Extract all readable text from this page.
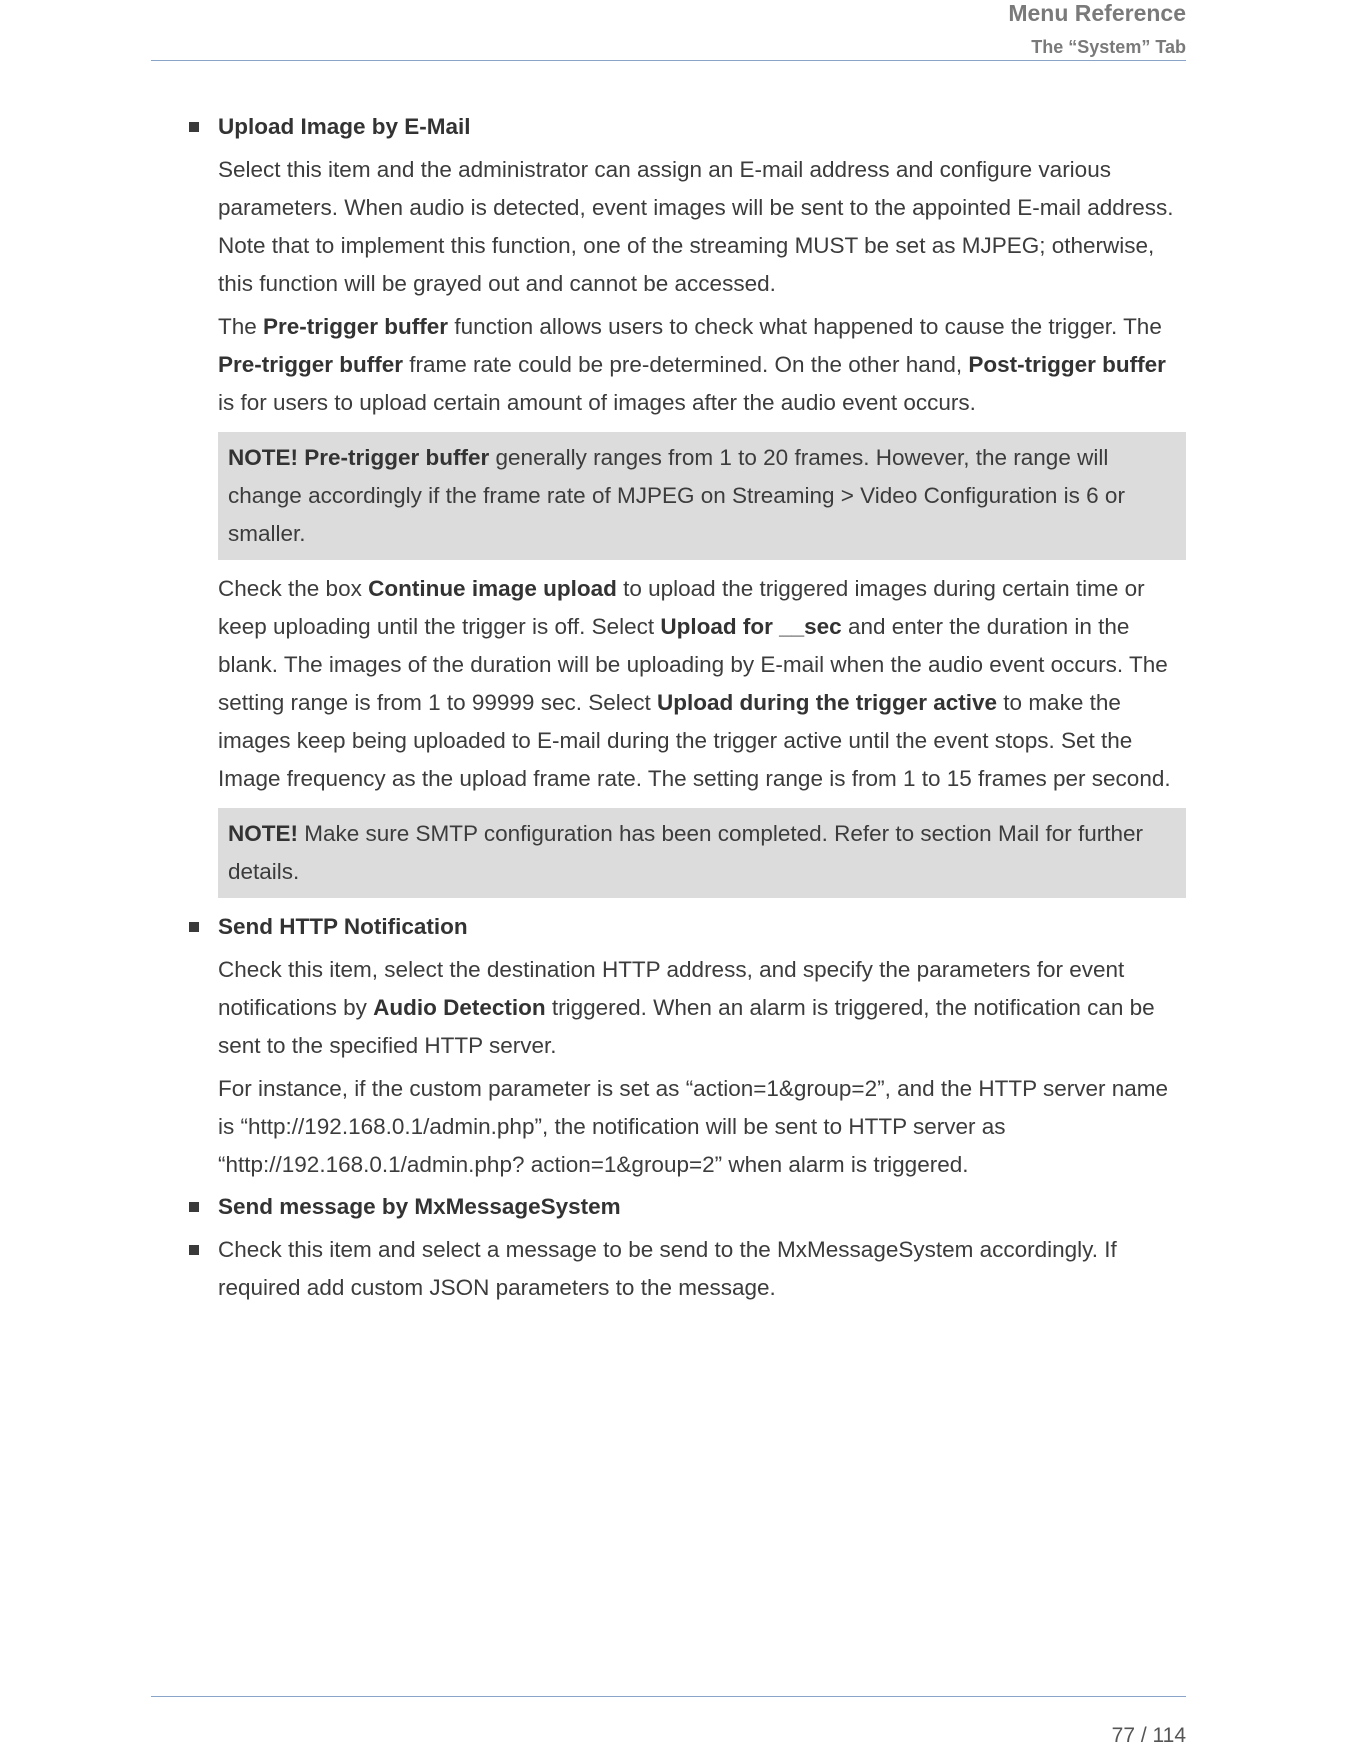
Menu Reference
The “System” Tab
Upload Image by E-Mail
Select this item and the administrator can assign an E-mail address and configure various parameters. When audio is detected, event images will be sent to the appointed E-mail address. Note that to implement this function, one of the streaming MUST be set as MJPEG; otherwise, this function will be grayed out and cannot be accessed.
The Pre-trigger buffer function allows users to check what happened to cause the trigger. The Pre-trigger buffer frame rate could be pre-determined. On the other hand, Post-trigger buffer is for users to upload certain amount of images after the audio event occurs.
NOTE! Pre-trigger buffer generally ranges from 1 to 20 frames. However, the range will change accordingly if the frame rate of MJPEG on Streaming > Video Configuration is 6 or smaller.
Check the box Continue image upload to upload the triggered images during certain time or keep uploading until the trigger is off. Select Upload for __sec and enter the duration in the blank. The images of the duration will be uploading by E-mail when the audio event occurs. The setting range is from 1 to 99999 sec. Select Upload during the trigger active to make the images keep being uploaded to E-mail during the trigger active until the event stops. Set the Image frequency as the upload frame rate. The setting range is from 1 to 15 frames per second.
NOTE! Make sure SMTP configuration has been completed. Refer to section Mail for further details.
Send HTTP Notification
Check this item, select the destination HTTP address, and specify the parameters for event notifications by Audio Detection triggered. When an alarm is triggered, the notification can be sent to the specified HTTP server.
For instance, if the custom parameter is set as “action=1&group=2”, and the HTTP server name is “http://192.168.0.1/admin.php”, the notification will be sent to HTTP server as “http://192.168.0.1/admin.php? action=1&group=2” when alarm is triggered.
Send message by MxMessageSystem
Check this item and select a message to be send to the MxMessageSystem accordingly. If required add custom JSON parameters to the message.
77 / 114
